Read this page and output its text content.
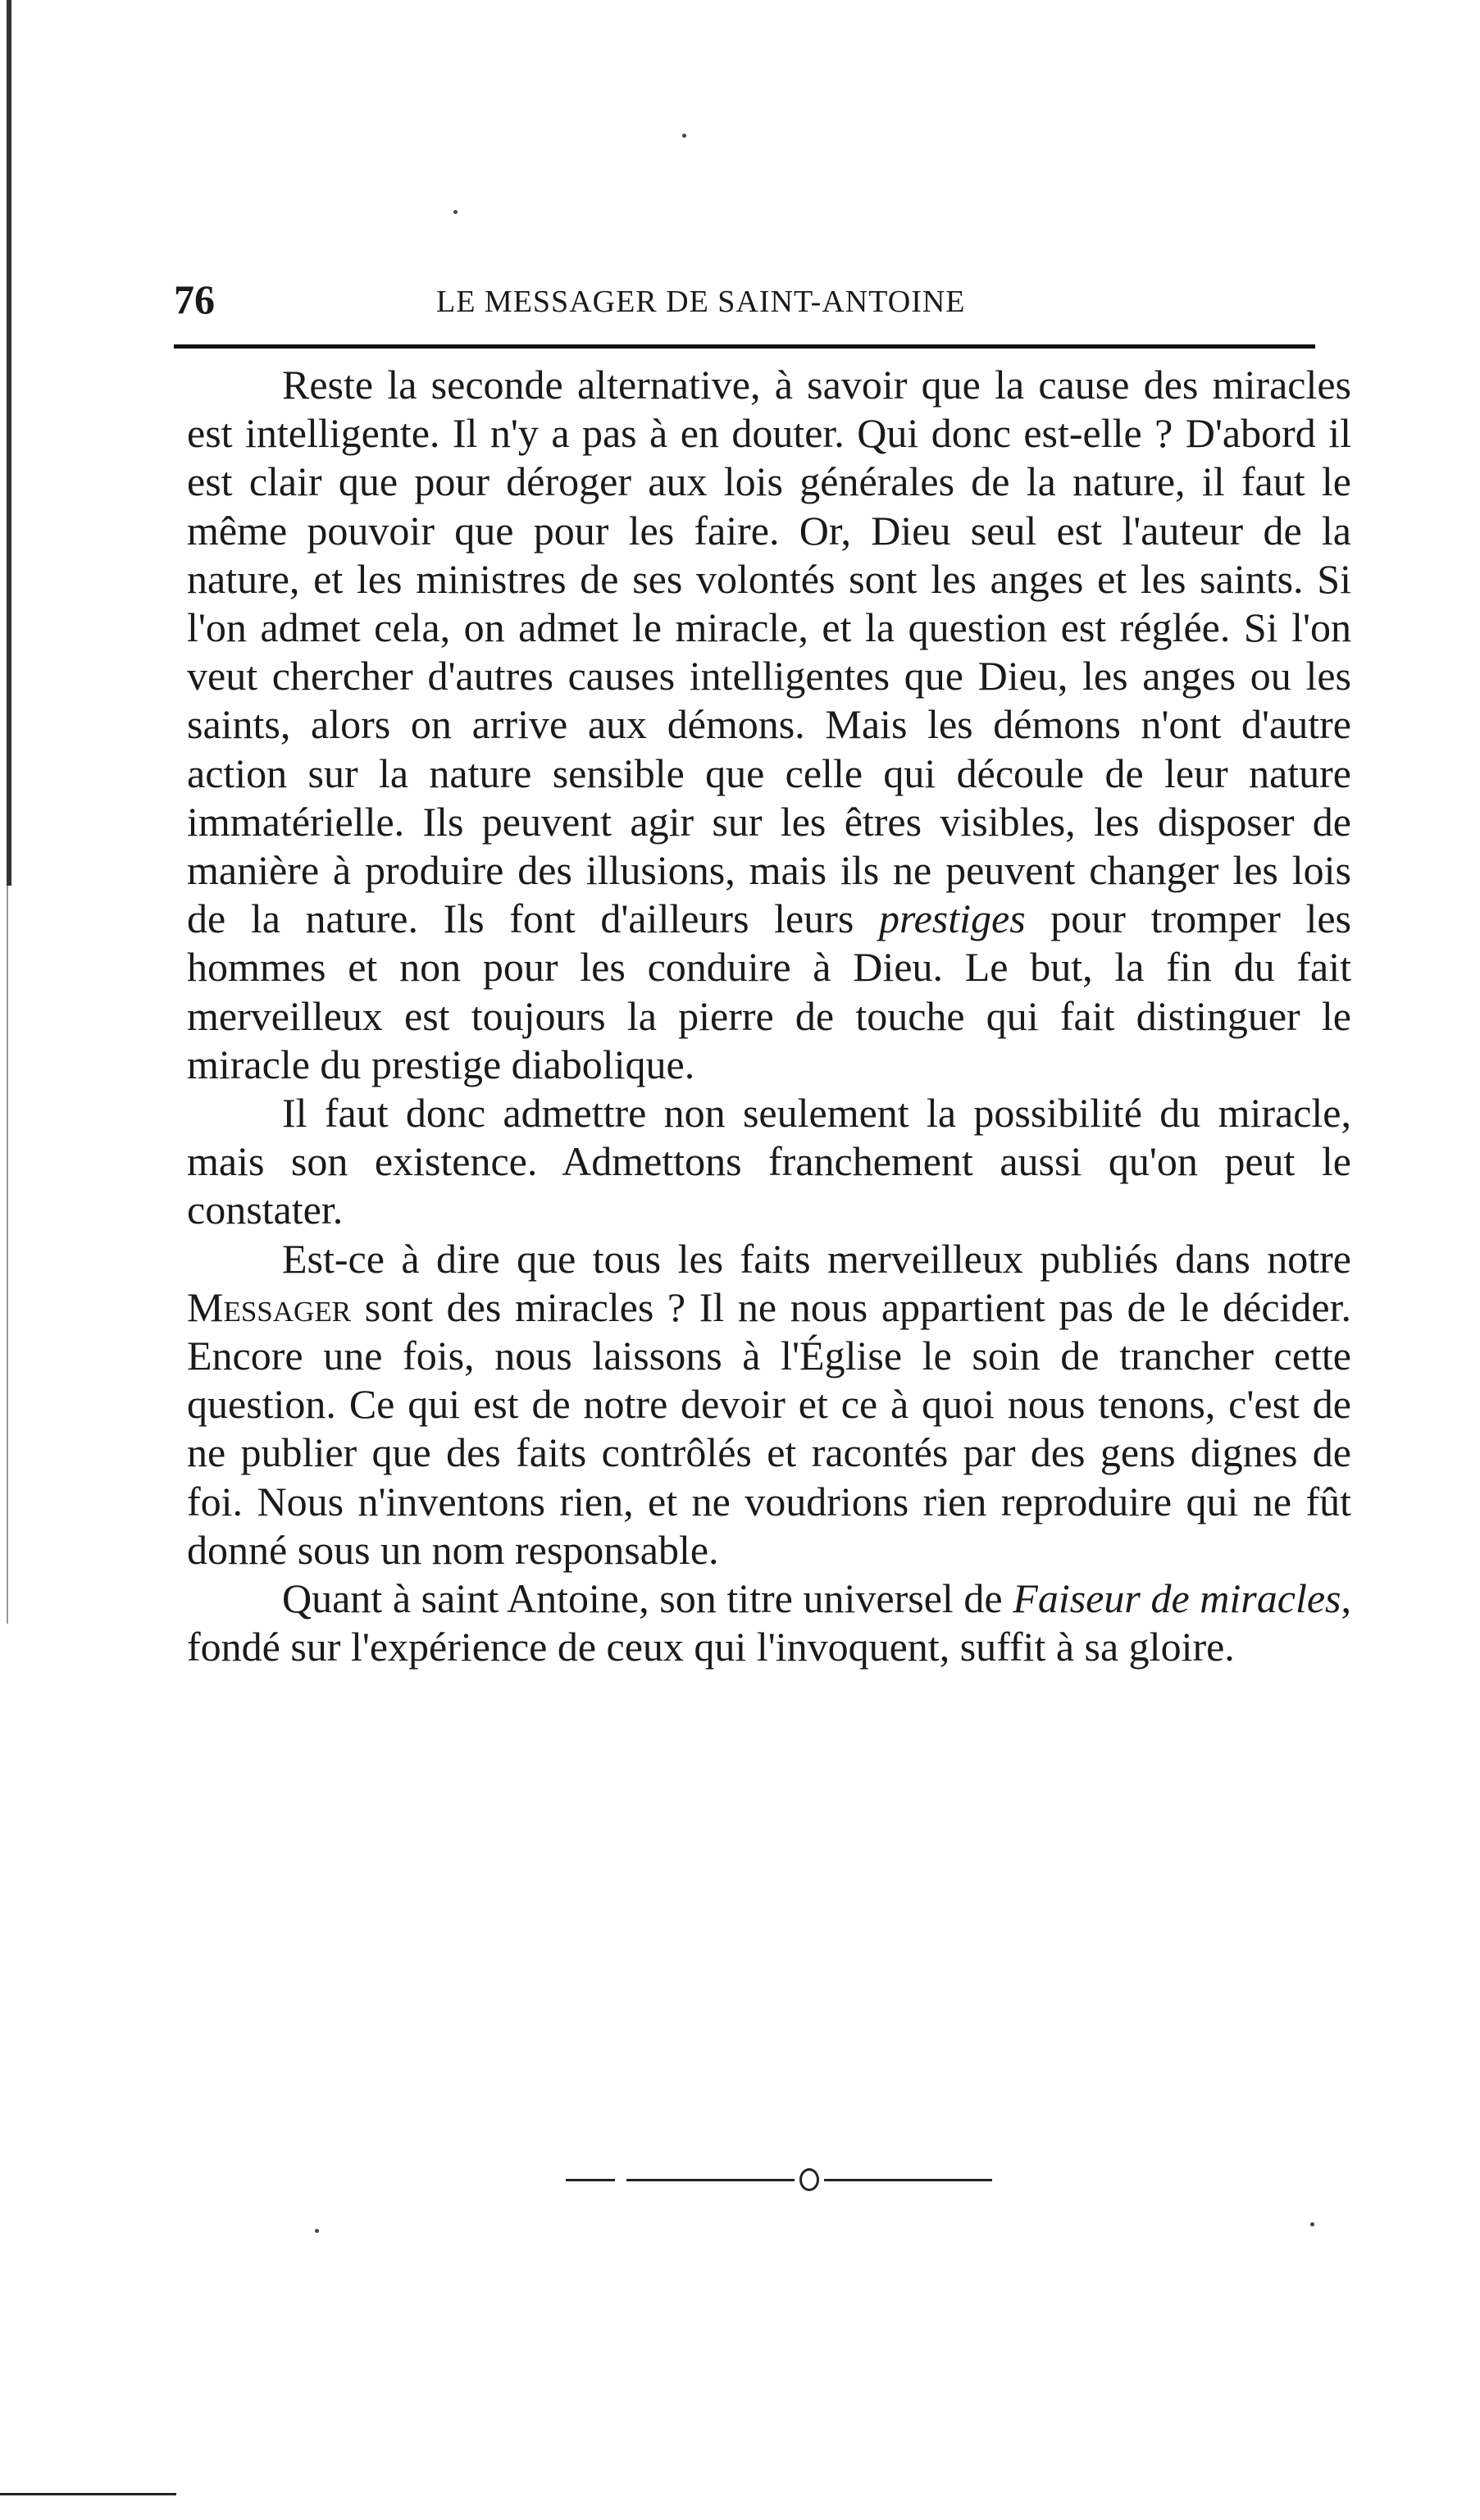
76	LE MESSAGER DE SAINT-ANTOINE

Reste la seconde alternative, à savoir que la cause des miracles est intelligente. Il n'y a pas à en douter. Qui donc est-elle ? D'abord il est clair que pour déroger aux lois générales de la nature, il faut le même pouvoir que pour les faire. Or, Dieu seul est l'auteur de la nature, et les ministres de ses volontés sont les anges et les saints. Si l'on admet cela, on admet le miracle, et la question est réglée. Si l'on veut chercher d'autres causes intelligentes que Dieu, les anges ou les saints, alors on arrive aux démons. Mais les démons n'ont d'autre action sur la nature sensible que celle qui découle de leur nature immatérielle. Ils peuvent agir sur les êtres visibles, les disposer de manière à produire des illusions, mais ils ne peuvent changer les lois de la nature. Ils font d'ailleurs leurs prestiges pour tromper les hommes et non pour les conduire à Dieu. Le but, la fin du fait merveilleux est toujours la pierre de touche qui fait distinguer le miracle du prestige diabolique.

Il faut donc admettre non seulement la possibilité du miracle, mais son existence. Admettons franchement aussi qu'on peut le constater.

Est-ce à dire que tous les faits merveilleux publiés dans notre Messager sont des miracles ? Il ne nous appartient pas de le décider. Encore une fois, nous laissons à l'Église le soin de trancher cette question. Ce qui est de notre devoir et ce à quoi nous tenons, c'est de ne publier que des faits contrôlés et racontés par des gens dignes de foi. Nous n'inventons rien, et ne voudrions rien reproduire qui ne fût donné sous un nom responsable.

Quant à saint Antoine, son titre universel de Faiseur de miracles, fondé sur l'expérience de ceux qui l'invoquent, suffit à sa gloire.
